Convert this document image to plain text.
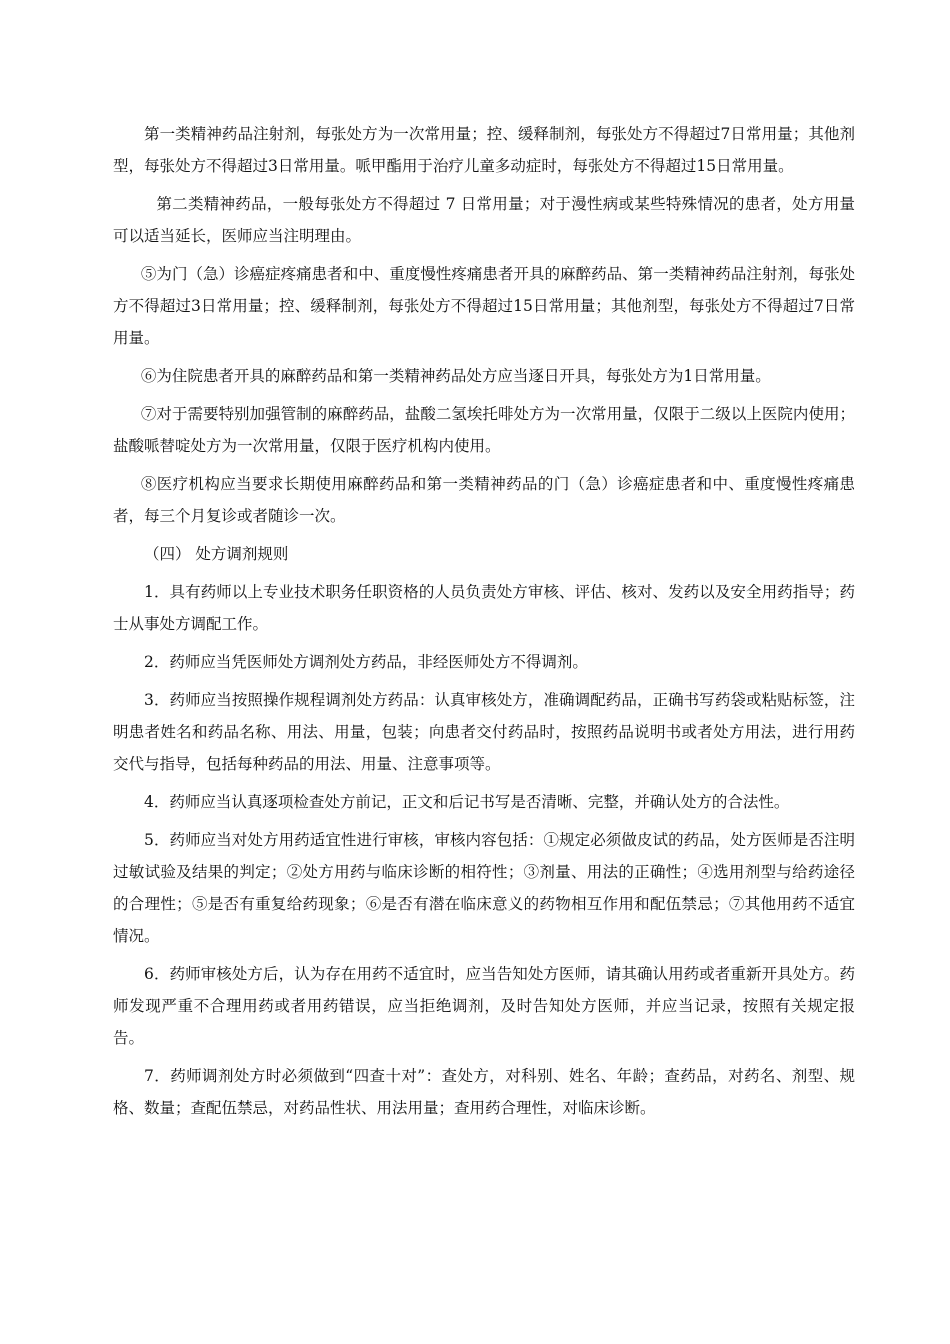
第一类精神药品注射剂，每张处方为一次常用量；控、缓释制剂，每张处方不得超过7日常用量；其他剂型，每张处方不得超过3日常用量。哌甲酯用于治疗儿童多动症时，每张处方不得超过15日常用量。

第二类精神药品，一般每张处方不得超过 7 日常用量；对于漫性病或某些特殊情况的患者，处方用量可以适当延长，医师应当注明理由。

⑤为门（急）诊癌症疼痛患者和中、重度慢性疼痛患者开具的麻醉药品、第一类精神药品注射剂，每张处方不得超过3日常用量；控、缓释制剂，每张处方不得超过15日常用量；其他剂型，每张处方不得超过7日常用量。

⑥为住院患者开具的麻醉药品和第一类精神药品处方应当逐日开具，每张处方为1日常用量。

⑦对于需要特别加强管制的麻醉药品，盐酸二氢埃托啡处方为一次常用量，仅限于二级以上医院内使用；盐酸哌替啶处方为一次常用量，仅限于医疗机构内使用。

⑧医疗机构应当要求长期使用麻醉药品和第一类精神药品的门（急）诊癌症患者和中、重度慢性疼痛患者，每三个月复诊或者随诊一次。

（四） 处方调剂规则

1．具有药师以上专业技术职务任职资格的人员负责处方审核、评估、核对、发药以及安全用药指导；药士从事处方调配工作。

2．药师应当凭医师处方调剂处方药品，非经医师处方不得调剂。

3．药师应当按照操作规程调剂处方药品：认真审核处方，准确调配药品，正确书写药袋或粘贴标签，注明患者姓名和药品名称、用法、用量，包装；向患者交付药品时，按照药品说明书或者处方用法，进行用药交代与指导，包括每种药品的用法、用量、注意事项等。

4．药师应当认真逐项检查处方前记，正文和后记书写是否清晰、完整，并确认处方的合法性。

5．药师应当对处方用药适宜性进行审核，审核内容包括：①规定必须做皮试的药品，处方医师是否注明过敏试验及结果的判定；②处方用药与临床诊断的相符性；③剂量、用法的正确性；④选用剂型与给药途径的合理性；⑤是否有重复给药现象；⑥是否有潜在临床意义的药物相互作用和配伍禁忌；⑦其他用药不适宜情况。

6．药师审核处方后，认为存在用药不适宜时，应当告知处方医师，请其确认用药或者重新开具处方。药师发现严重不合理用药或者用药错误，应当拒绝调剂，及时告知处方医师，并应当记录，按照有关规定报告。

7．药师调剂处方时必须做到“四查十对”：查处方，对科别、姓名、年龄；查药品，对药名、剂型、规格、数量；查配伍禁忌，对药品性状、用法用量；查用药合理性，对临床诊断。
